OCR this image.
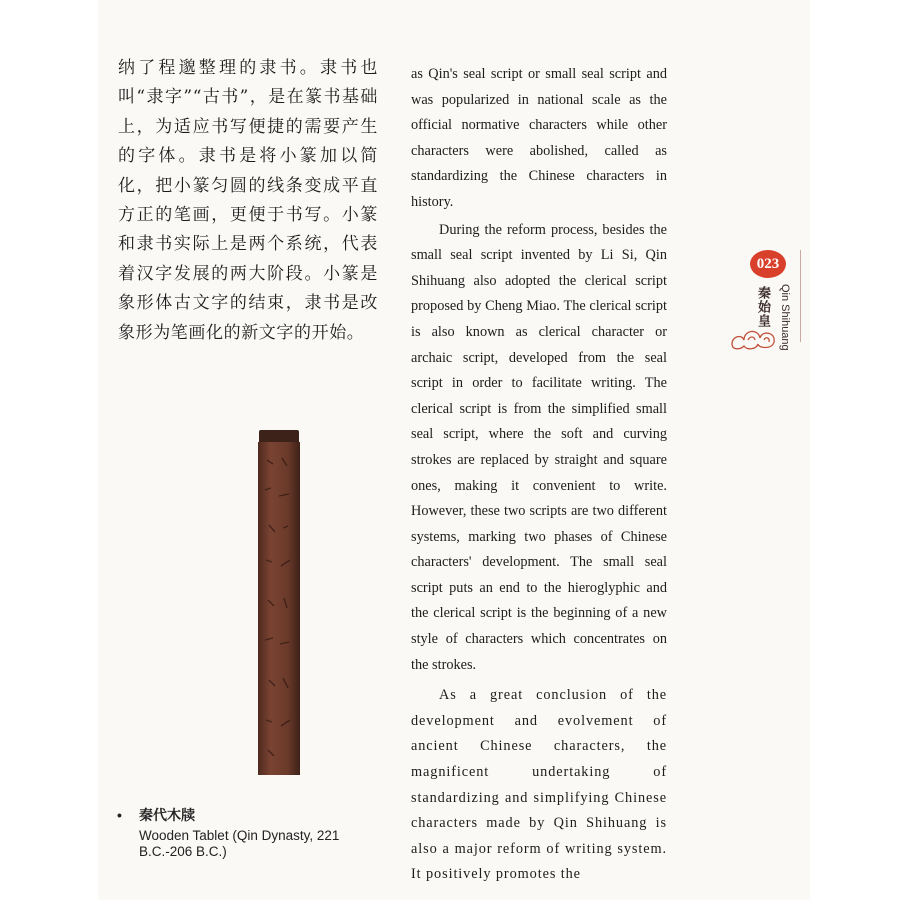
纳了程邈整理的隶书。隶书也叫“隶字”“古书”，是在篆书基础上，为适应书写便捷的需要产生的字体。隶书是将小篆加以简化，把小篆匀圆的线条变成平直方正的笔画，更便于书写。小篆和隶书实际上是两个系统，代表着汉字发展的两大阶段。小篆是象形体古文字的结束，隶书是改象形为笔画化的新文字的开始。

as Qin's seal script or small seal script and was popularized in national scale as the official normative characters while other characters were abolished, called as standardizing the Chinese characters in history.

During the reform process, besides the small seal script invented by Li Si, Qin Shihuang also adopted the clerical script proposed by Cheng Miao. The clerical script is also known as clerical character or archaic script, developed from the seal script in order to facilitate writing. The clerical script is from the simplified small seal script, where the soft and curving strokes are replaced by straight and square ones, making it convenient to write. However, these two scripts are two different systems, marking two phases of Chinese characters' development. The small seal script puts an end to the hieroglyphic and the clerical script is the beginning of a new style of characters which concentrates on the strokes.

As a great conclusion of the development and evolvement of ancient Chinese characters, the magnificent undertaking of standardizing and simplifying Chinese characters made by Qin Shihuang is also a major reform of writing system. It positively promotes the

• 秦代木牍
Wooden Tablet (Qin Dynasty, 221 B.C.-206 B.C.)
023
秦始皇 Qin Shihuang
